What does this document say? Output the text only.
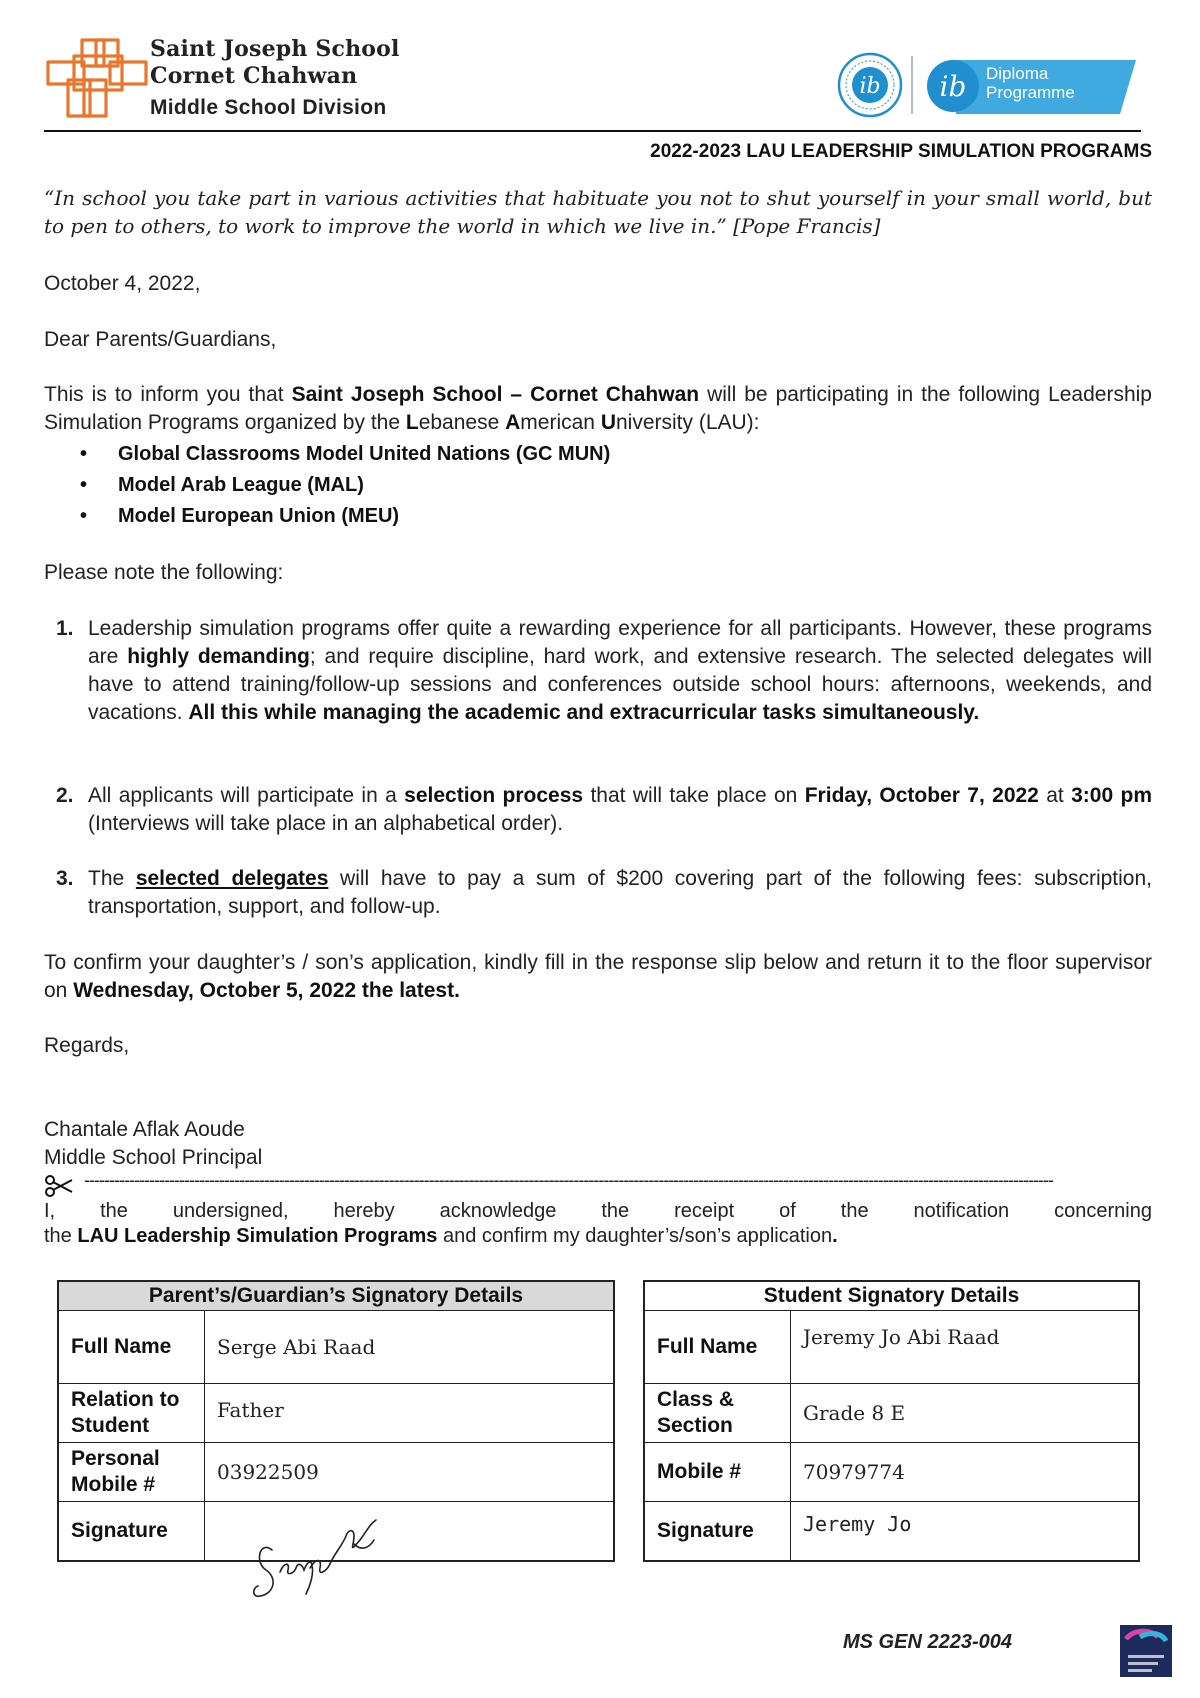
Saint Joseph School
Cornet Chahwan
Middle School Division
ib ib Diploma
Programme
2022-2023 LAU LEADERSHIP SIMULATION PROGRAMS
“In school you take part in various activities that habituate you not to shut yourself in your small world, but to pen to others, to work to improve the world in which we live in.” [Pope Francis]
October 4, 2022,
Dear Parents/Guardians,
This is to inform you that Saint Joseph School – Cornet Chahwan will be participating in the following Leadership Simulation Programs organized by the Lebanese American University (LAU):
• Global Classrooms Model United Nations (GC MUN)
• Model Arab League (MAL)
• Model European Union (MEU)
Please note the following:
1. Leadership simulation programs offer quite a rewarding experience for all participants. However, these programs are highly demanding; and require discipline, hard work, and extensive research. The selected delegates will have to attend training/follow-up sessions and conferences outside school hours: afternoons, weekends, and vacations. All this while managing the academic and extracurricular tasks simultaneously.
2. All applicants will participate in a selection process that will take place on Friday, October 7, 2022 at 3:00 pm (Interviews will take place in an alphabetical order).
3. The selected delegates will have to pay a sum of $200 covering part of the following fees: subscription, transportation, support, and follow-up.
To confirm your daughter’s / son’s application, kindly fill in the response slip below and return it to the floor supervisor on Wednesday, October 5, 2022 the latest.
Regards,
Chantale Aflak Aoude
Middle School Principal
--------------------------------------------------------------------------------------------------------------------------------------------------------------------------------------------------
I, the undersigned, hereby acknowledge the receipt of the notification concerning
the LAU Leadership Simulation Programs and confirm my daughter’s/son’s application.
Parent’s/Guardian’s Signatory Details	
Full Name	Serge Abi Raad
Relation to Student	Father
Personal Mobile #	03922509
Signature	
Student Signatory Details	
Full Name	Jeremy Jo Abi Raad
Class & Section	Grade 8 E
Mobile #	70979774
Signature	Jeremy Jo
MS GEN 2223-004
